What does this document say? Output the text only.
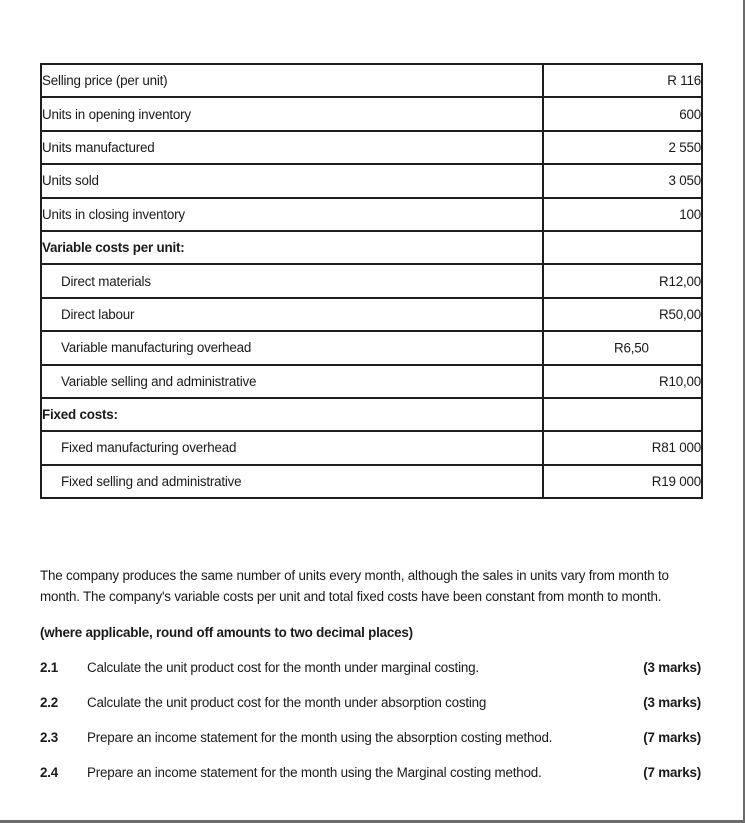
Selling price (per unit)	R 116
Units in opening inventory	600
Units manufactured	2 550
Units sold	3 050
Units in closing inventory	100
Variable costs per unit:	
Direct materials	R12,00
Direct labour	R50,00
Variable manufacturing overhead	R6,50

Variable selling and administrative	R10,00
Fixed costs:	
Fixed manufacturing overhead	R81 000
Fixed selling and administrative	R19 000
The company produces the same number of units every month, although the sales in units vary from month to month. The company's variable costs per unit and total fixed costs have been constant from month to month.
(where applicable, round off amounts to two decimal places)
2.1 Calculate the unit product cost for the month under marginal costing.	(3 marks)
2.2 Calculate the unit product cost for the month under absorption costing	(3 marks)
2.3 Prepare an income statement for the month using the absorption costing method.	(7 marks)
2.4 Prepare an income statement for the month using the Marginal costing method.	(7 marks)
